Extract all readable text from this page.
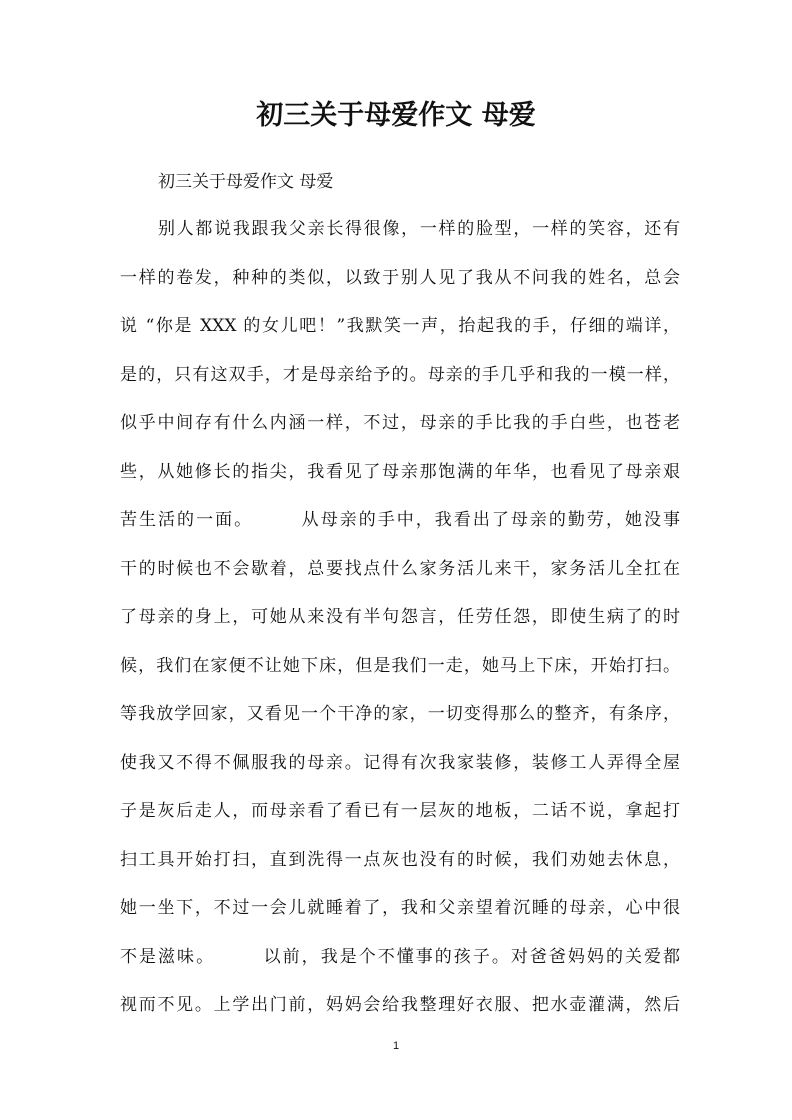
初三关于母爱作文 母爱
初三关于母爱作文 母爱
别人都说我跟我父亲长得很像，一样的脸型，一样的笑容，还有
一样的卷发，种种的类似，以致于别人见了我从不问我的姓名，总会
说 “你是 XXX 的女儿吧！”我默笑一声，抬起我的手，仔细的端详，
是的，只有这双手，才是母亲给予的。母亲的手几乎和我的一模一样，
似乎中间存有什么内涵一样，不过，母亲的手比我的手白些，也苍老
些，从她修长的指尖，我看见了母亲那饱满的年华，也看见了母亲艰
苦生活的一面。　　　从母亲的手中，我看出了母亲的勤劳，她没事
干的时候也不会歇着，总要找点什么家务活儿来干，家务活儿全扛在
了母亲的身上，可她从来没有半句怨言，任劳任怨，即使生病了的时
候，我们在家便不让她下床，但是我们一走，她马上下床，开始打扫。
等我放学回家，又看见一个干净的家，一切变得那么的整齐，有条序，
使我又不得不佩服我的母亲。记得有次我家装修，装修工人弄得全屋
子是灰后走人，而母亲看了看已有一层灰的地板，二话不说，拿起打
扫工具开始打扫，直到洗得一点灰也没有的时候，我们劝她去休息，
她一坐下，不过一会儿就睡着了，我和父亲望着沉睡的母亲，心中很
不是滋味。　　　以前，我是个不懂事的孩子。对爸爸妈妈的关爱都
视而不见。上学出门前，妈妈会给我整理好衣服、把水壶灌满，然后
1
